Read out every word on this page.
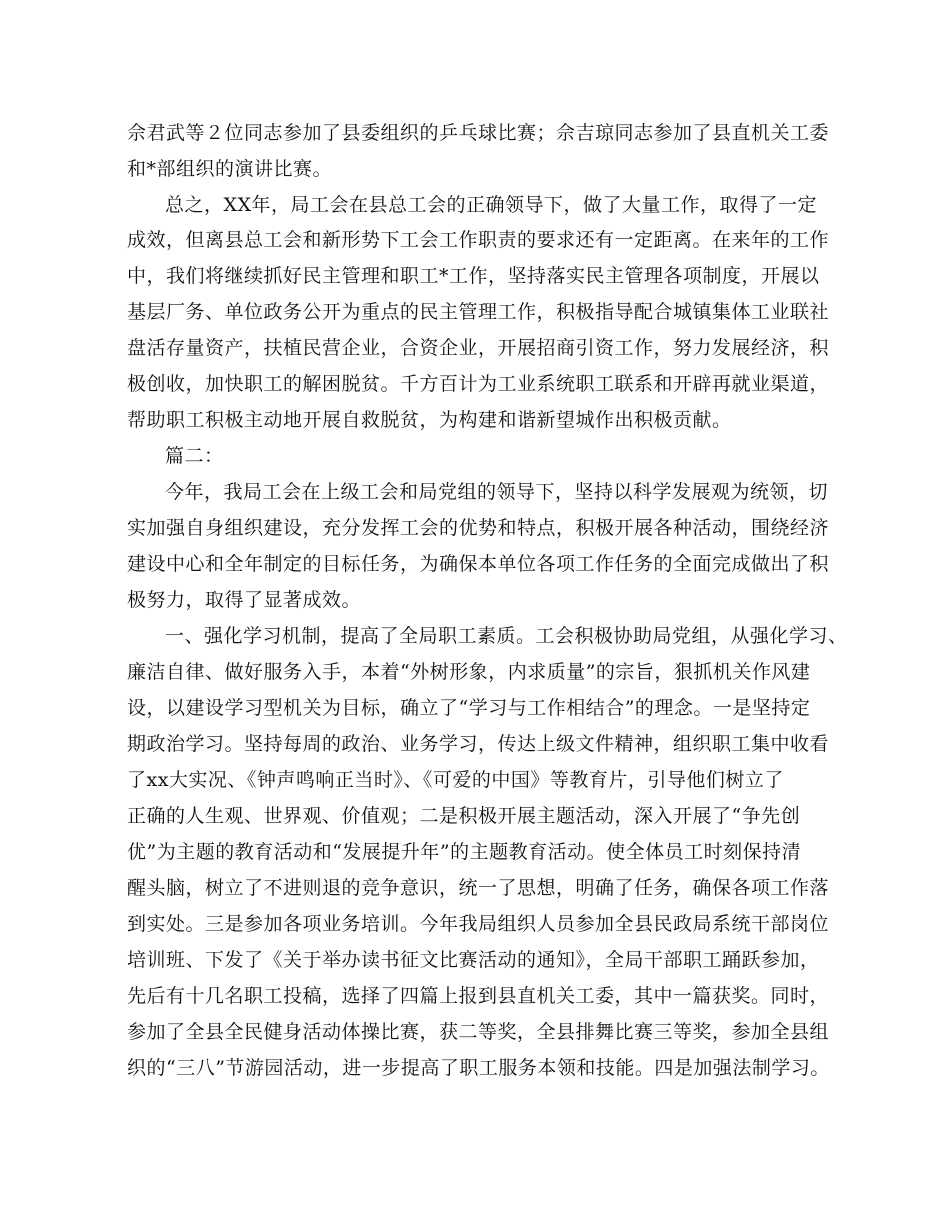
佘君武等２位同志参加了县委组织的乒乓球比赛；佘吉琼同志参加了县直机关工委
和*部组织的演讲比赛。
总之，XX年，局工会在县总工会的正确领导下，做了大量工作，取得了一定
成效，但离县总工会和新形势下工会工作职责的要求还有一定距离。在来年的工作
中，我们将继续抓好民主管理和职工*工作，坚持落实民主管理各项制度，开展以
基层厂务、单位政务公开为重点的民主管理工作，积极指导配合城镇集体工业联社
盘活存量资产，扶植民营企业，合资企业，开展招商引资工作，努力发展经济，积
极创收，加快职工的解困脱贫。千方百计为工业系统职工联系和开辟再就业渠道，
帮助职工积极主动地开展自救脱贫，为构建和谐新望城作出积极贡献。
篇二：
今年，我局工会在上级工会和局党组的领导下，坚持以科学发展观为统领，切
实加强自身组织建设，充分发挥工会的优势和特点，积极开展各种活动，围绕经济
建设中心和全年制定的目标任务，为确保本单位各项工作任务的全面完成做出了积
极努力，取得了显著成效。
一、强化学习机制，提高了全局职工素质。工会积极协助局党组，从强化学习、
廉洁自律、做好服务入手，本着“外树形象，内求质量”的宗旨，狠抓机关作风建
设，以建设学习型机关为目标，确立了“学习与工作相结合”的理念。一是坚持定
期政治学习。坚持每周的政治、业务学习，传达上级文件精神，组织职工集中收看
了xx大实况、《钟声鸣响正当时》、《可爱的中国》等教育片，引导他们树立了
正确的人生观、世界观、价值观；二是积极开展主题活动，深入开展了“争先创
优”为主题的教育活动和“发展提升年”的主题教育活动。使全体员工时刻保持清
醒头脑，树立了不进则退的竞争意识，统一了思想，明确了任务，确保各项工作落
到实处。三是参加各项业务培训。今年我局组织人员参加全县民政局系统干部岗位
培训班、下发了《关于举办读书征文比赛活动的通知》，全局干部职工踊跃参加，
先后有十几名职工投稿，选择了四篇上报到县直机关工委，其中一篇获奖。同时，
参加了全县全民健身活动体操比赛，获二等奖，全县排舞比赛三等奖，参加全县组
织的“三八”节游园活动，进一步提高了职工服务本领和技能。四是加强法制学习。
